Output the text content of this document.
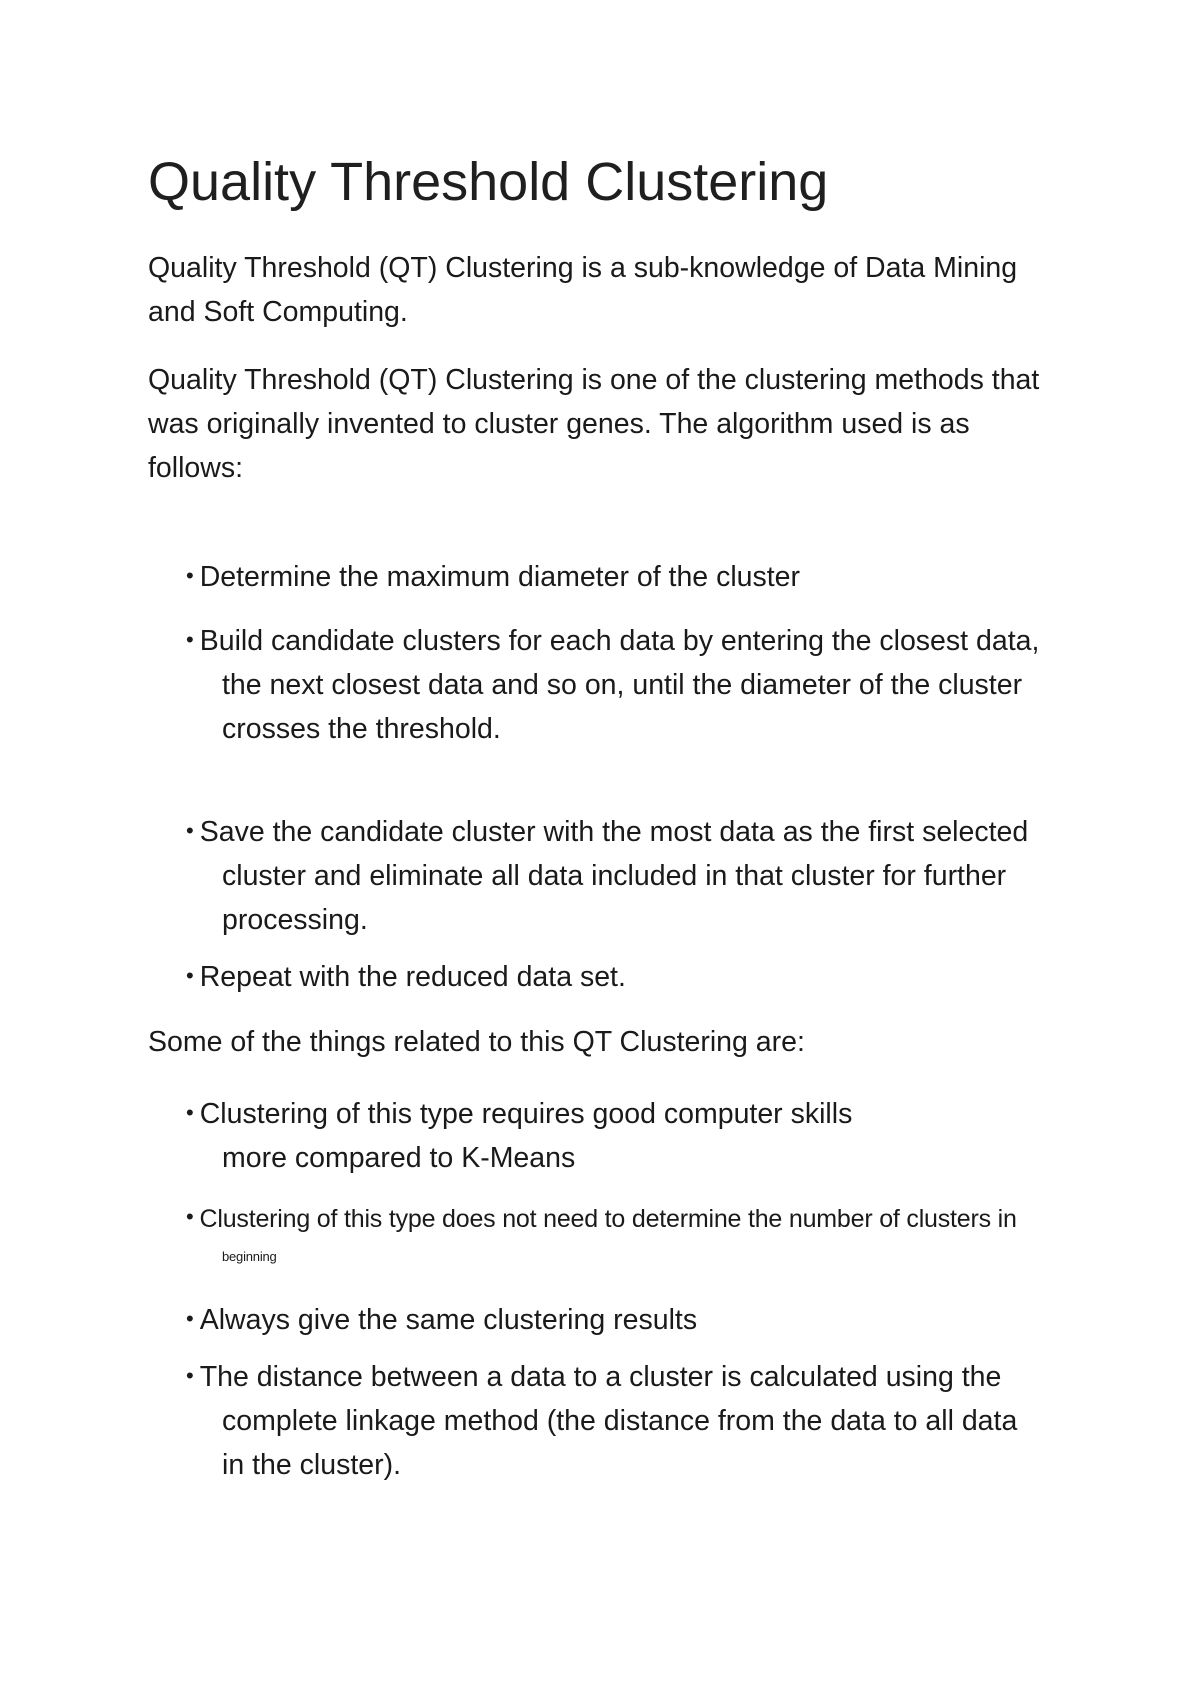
Quality Threshold Clustering

Quality Threshold (QT) Clustering is a sub-knowledge of Data Mining
and Soft Computing.

Quality Threshold (QT) Clustering is one of the clustering methods that
was originally invented to cluster genes. The algorithm used is as
follows:

• Determine the maximum diameter of the cluster
• Build candidate clusters for each data by entering the closest data,
the next closest data and so on, until the diameter of the cluster
crosses the threshold.
• Save the candidate cluster with the most data as the first selected
cluster and eliminate all data included in that cluster for further
processing.
• Repeat with the reduced data set.

Some of the things related to this QT Clustering are:

• Clustering of this type requires good computer skills
more compared to K-Means
• Clustering of this type does not need to determine the number of clusters in
beginning
• Always give the same clustering results
• The distance between a data to a cluster is calculated using the
complete linkage method (the distance from the data to all data
in the cluster).
